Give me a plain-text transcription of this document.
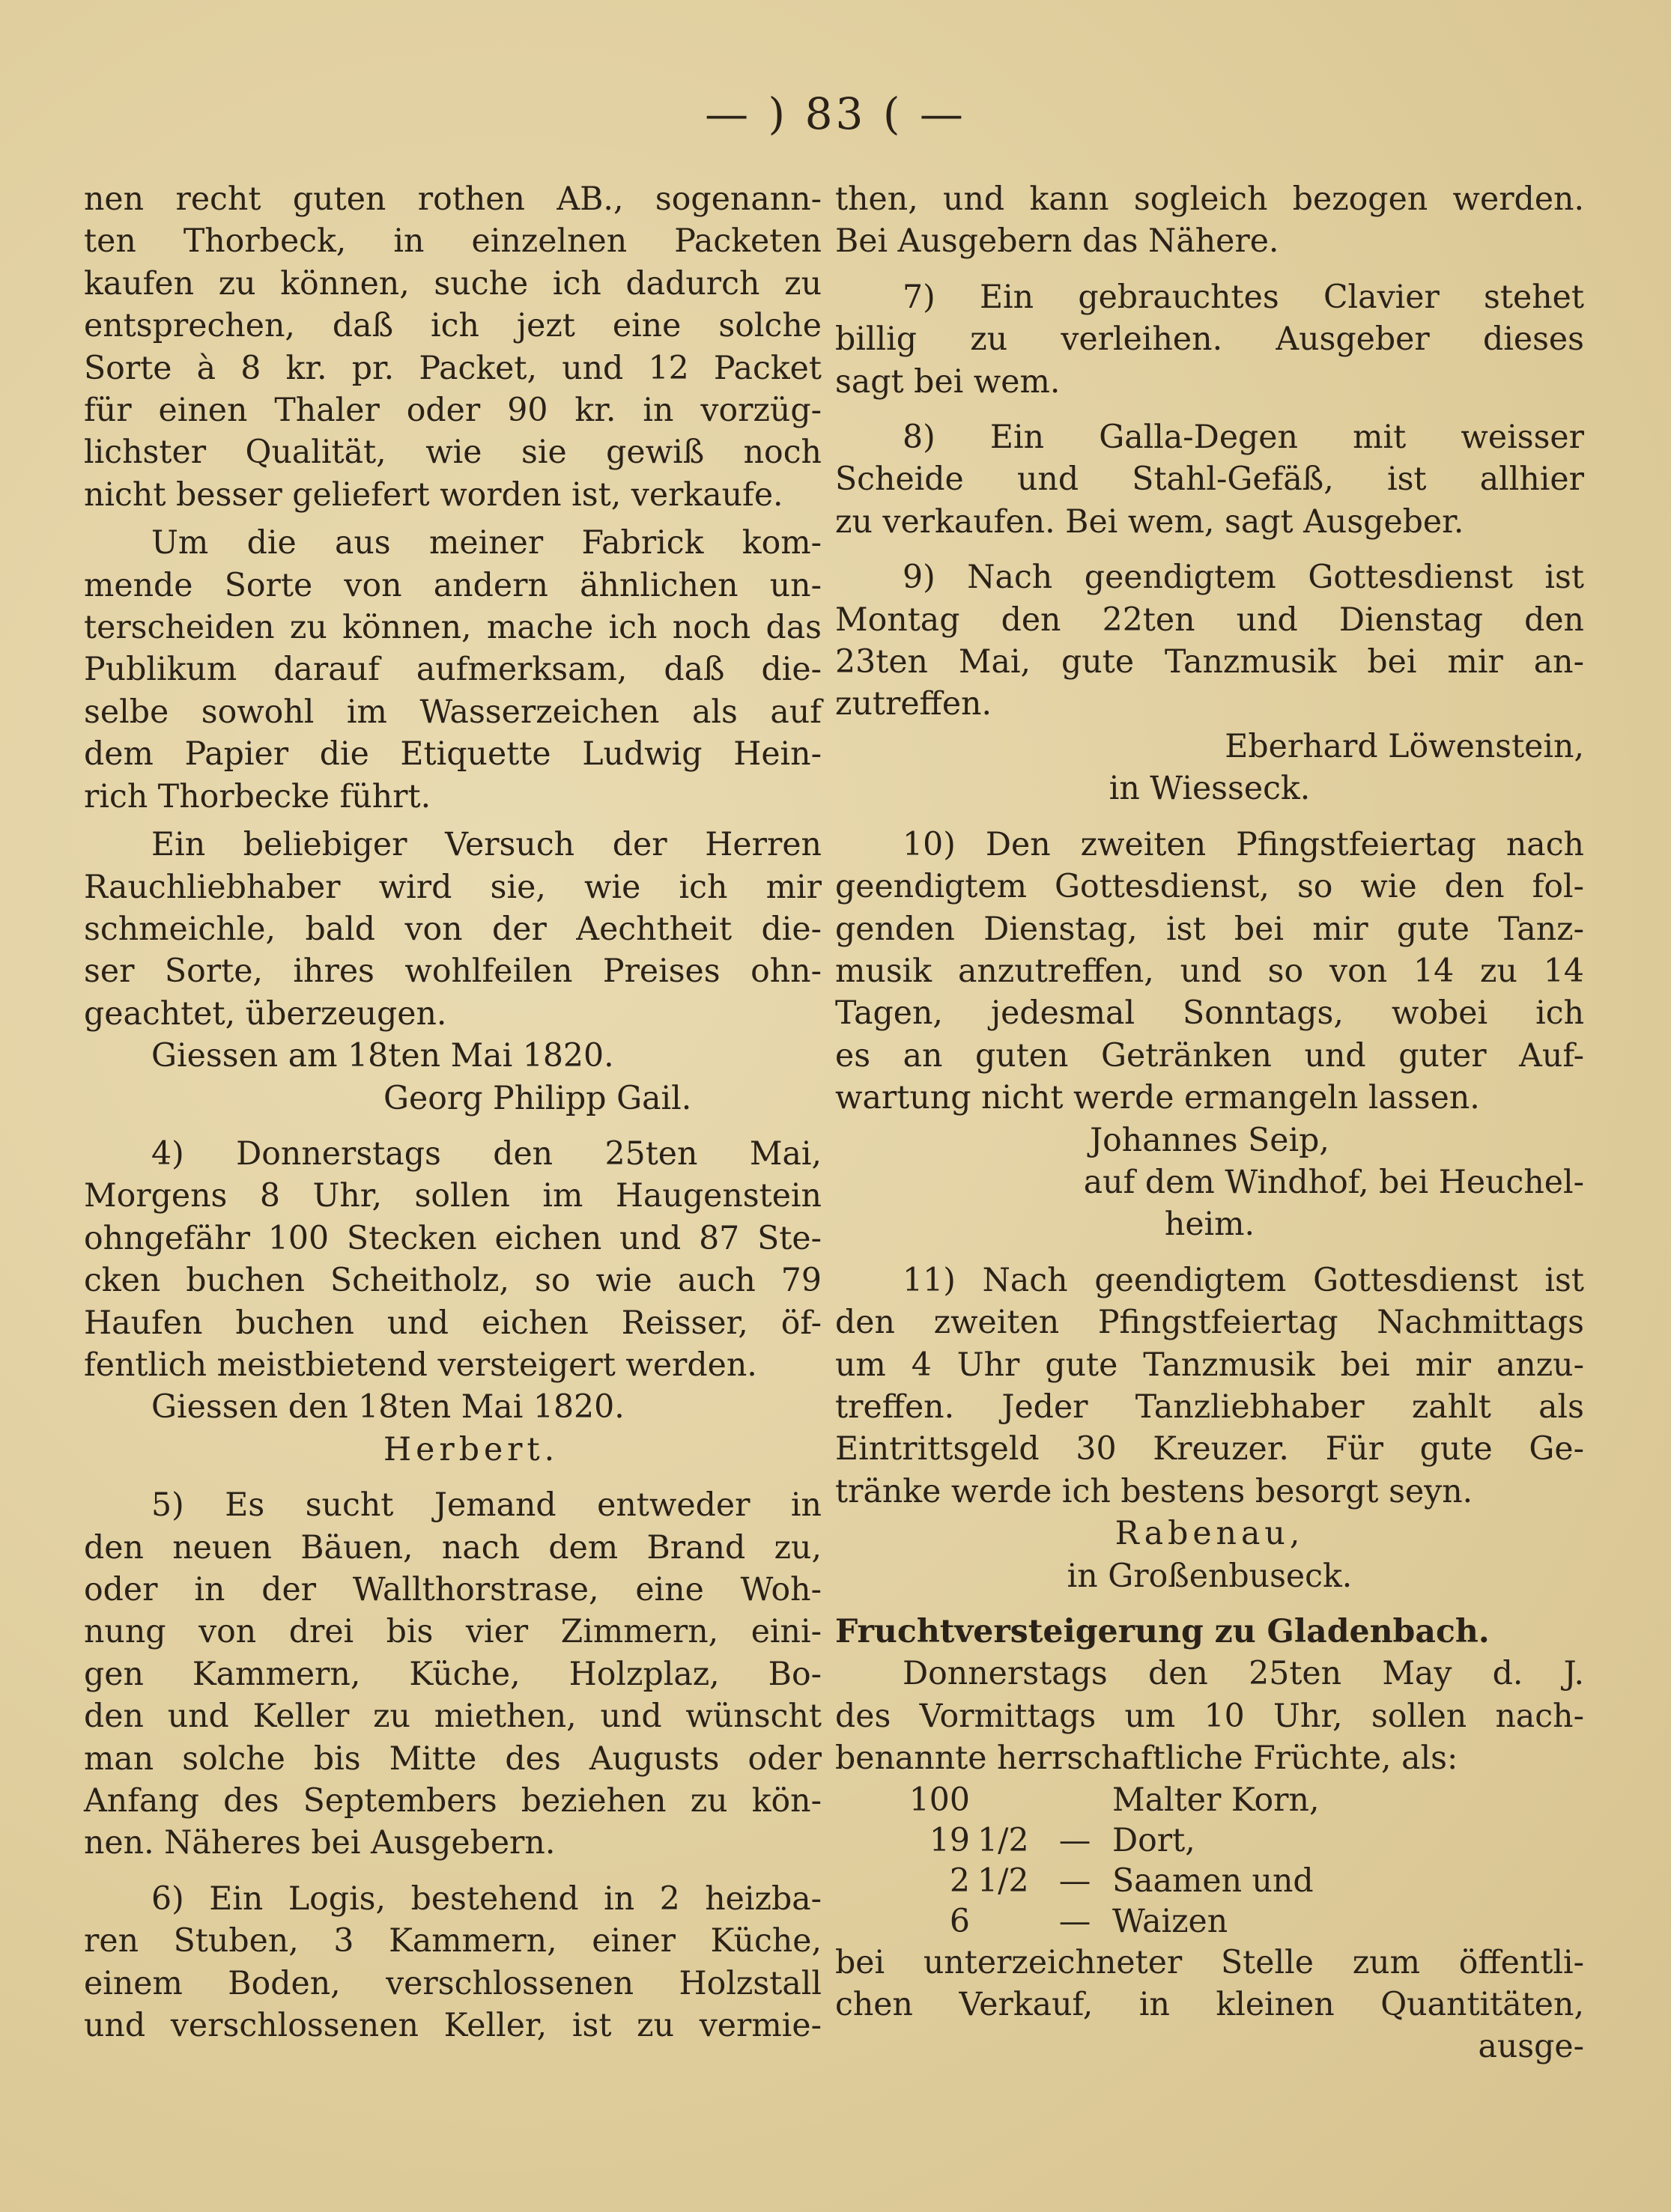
— ) 83 ( —
nen recht guten rothen AB., sogenann-
ten Thorbeck, in einzelnen Packeten
kaufen zu können, suche ich dadurch zu
entsprechen, daß ich jezt eine solche
Sorte à 8 kr. pr. Packet, und 12 Packet
für einen Thaler oder 90 kr. in vorzüg-
lichster Qualität, wie sie gewiß noch
nicht besser geliefert worden ist, verkaufe.
Um die aus meiner Fabrick kom-
mende Sorte von andern ähnlichen un-
terscheiden zu können, mache ich noch das
Publikum darauf aufmerksam, daß die-
selbe sowohl im Wasserzeichen als auf
dem Papier die Etiquette Ludwig Hein-
rich Thorbecke führt.
Ein beliebiger Versuch der Herren
Rauchliebhaber wird sie, wie ich mir
schmeichle, bald von der Aechtheit die-
ser Sorte, ihres wohlfeilen Preises ohn-
geachtet, überzeugen.
Giessen am 18ten Mai 1820.
Georg Philipp Gail.
4) Donnerstags den 25ten Mai,
Morgens 8 Uhr, sollen im Haugenstein
ohngefähr 100 Stecken eichen und 87 Ste-
cken buchen Scheitholz, so wie auch 79
Haufen buchen und eichen Reisser, öf-
fentlich meistbietend versteigert werden.
Giessen den 18ten Mai 1820.
Herbert.
5) Es sucht Jemand entweder in
den neuen Bäuen, nach dem Brand zu,
oder in der Wallthorstrase, eine Woh-
nung von drei bis vier Zimmern, eini-
gen Kammern, Küche, Holzplaz, Bo-
den und Keller zu miethen, und wünscht
man solche bis Mitte des Augusts oder
Anfang des Septembers beziehen zu kön-
nen. Näheres bei Ausgebern.
6) Ein Logis, bestehend in 2 heizba-
ren Stuben, 3 Kammern, einer Küche,
einem Boden, verschlossenen Holzstall
und verschlossenen Keller, ist zu vermie-
then, und kann sogleich bezogen werden.
Bei Ausgebern das Nähere.
7) Ein gebrauchtes Clavier stehet
billig zu verleihen. Ausgeber dieses
sagt bei wem.
8) Ein Galla-Degen mit weisser
Scheide und Stahl-Gefäß, ist allhier
zu verkaufen. Bei wem, sagt Ausgeber.
9) Nach geendigtem Gottesdienst ist
Montag den 22ten und Dienstag den
23ten Mai, gute Tanzmusik bei mir an-
zutreffen.
Eberhard Löwenstein,
in Wiesseck.
10) Den zweiten Pfingstfeiertag nach
geendigtem Gottesdienst, so wie den fol-
genden Dienstag, ist bei mir gute Tanz-
musik anzutreffen, und so von 14 zu 14
Tagen, jedesmal Sonntags, wobei ich
es an guten Getränken und guter Auf-
wartung nicht werde ermangeln lassen.
Johannes Seip,
auf dem Windhof, bei Heuchel-
heim.
11) Nach geendigtem Gottesdienst ist
den zweiten Pfingstfeiertag Nachmittags
um 4 Uhr gute Tanzmusik bei mir anzu-
treffen. Jeder Tanzliebhaber zahlt als
Eintrittsgeld 30 Kreuzer. Für gute Ge-
tränke werde ich bestens besorgt seyn.
Rabenau,
in Großenbuseck.
Fruchtversteigerung zu Gladenbach.
Donnerstags den 25ten May d. J.
des Vormittags um 10 Uhr, sollen nach-
benannte herrschaftliche Früchte, als:
100	Malter Korn,
19 1/2 — Dort,
2 1/2 — Saamen und
6	— Waizen
bei unterzeichneter Stelle zum öffentli-
chen Verkauf, in kleinen Quantitäten,
ausge-
